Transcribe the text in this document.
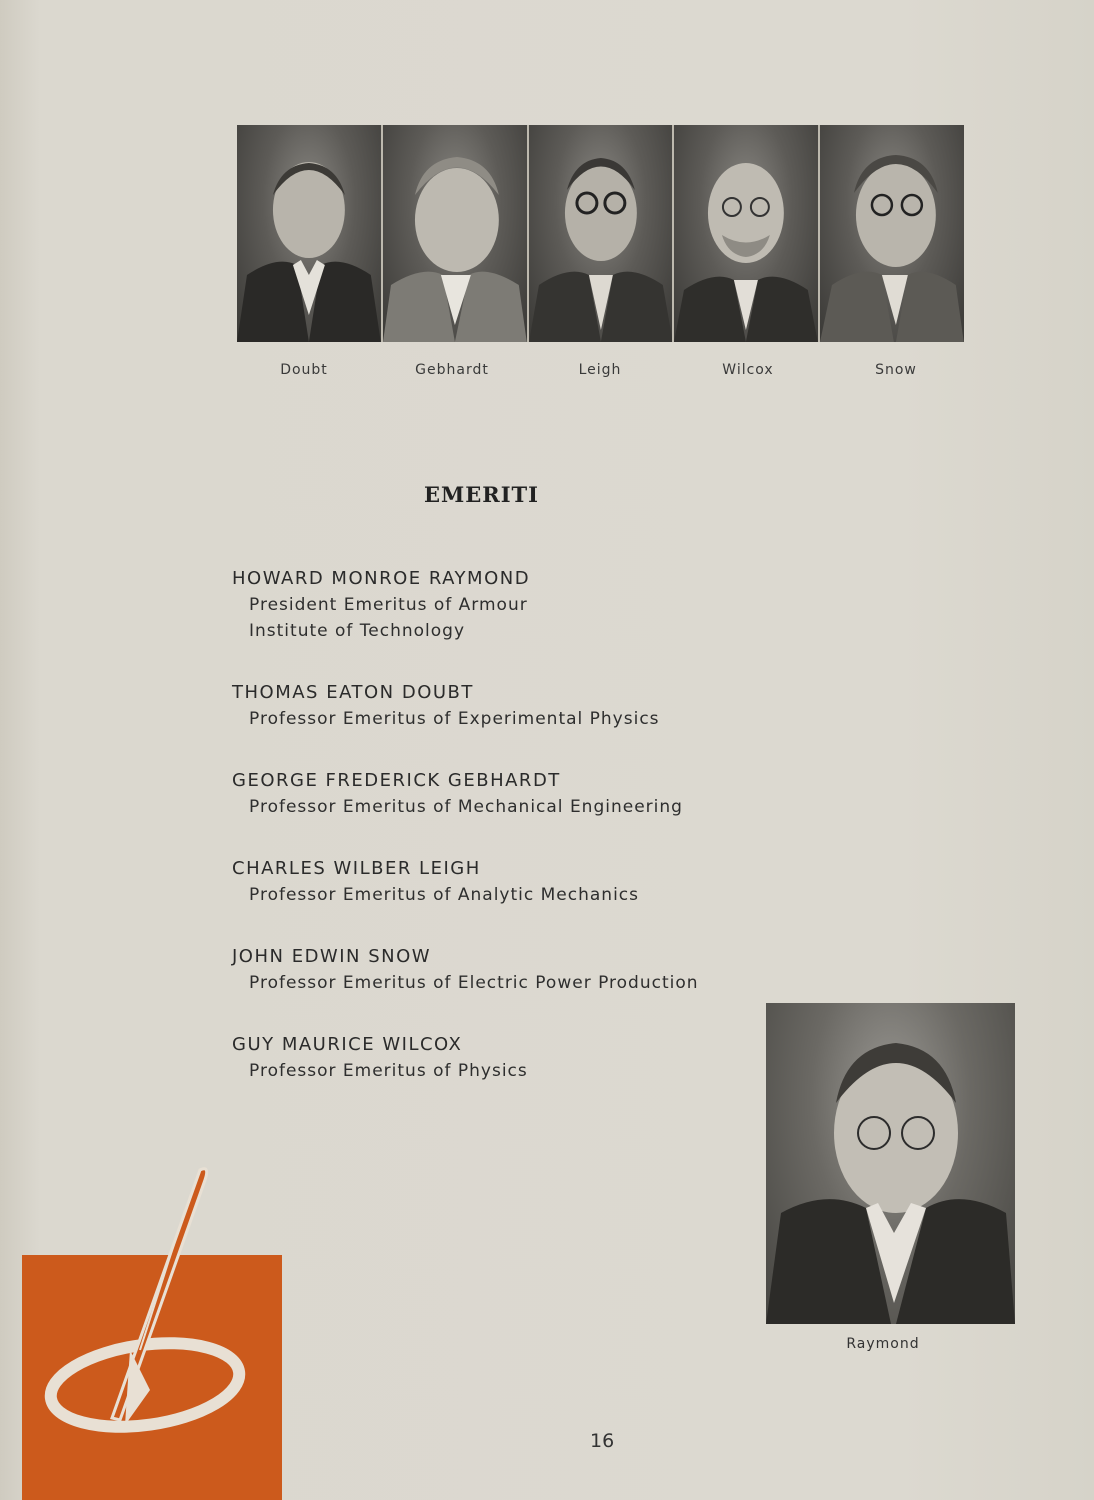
Doubt	Gebhardt	Leigh	Wilcox	Snow
EMERITI
HOWARD MONROE RAYMOND
President Emeritus of Armour
Institute of Technology
THOMAS EATON DOUBT
Professor Emeritus of Experimental Physics
GEORGE FREDERICK GEBHARDT
Professor Emeritus of Mechanical Engineering
CHARLES WILBER LEIGH
Professor Emeritus of Analytic Mechanics
JOHN EDWIN SNOW
Professor Emeritus of Electric Power Production
GUY MAURICE WILCOX
Professor Emeritus of Physics
Raymond
16
